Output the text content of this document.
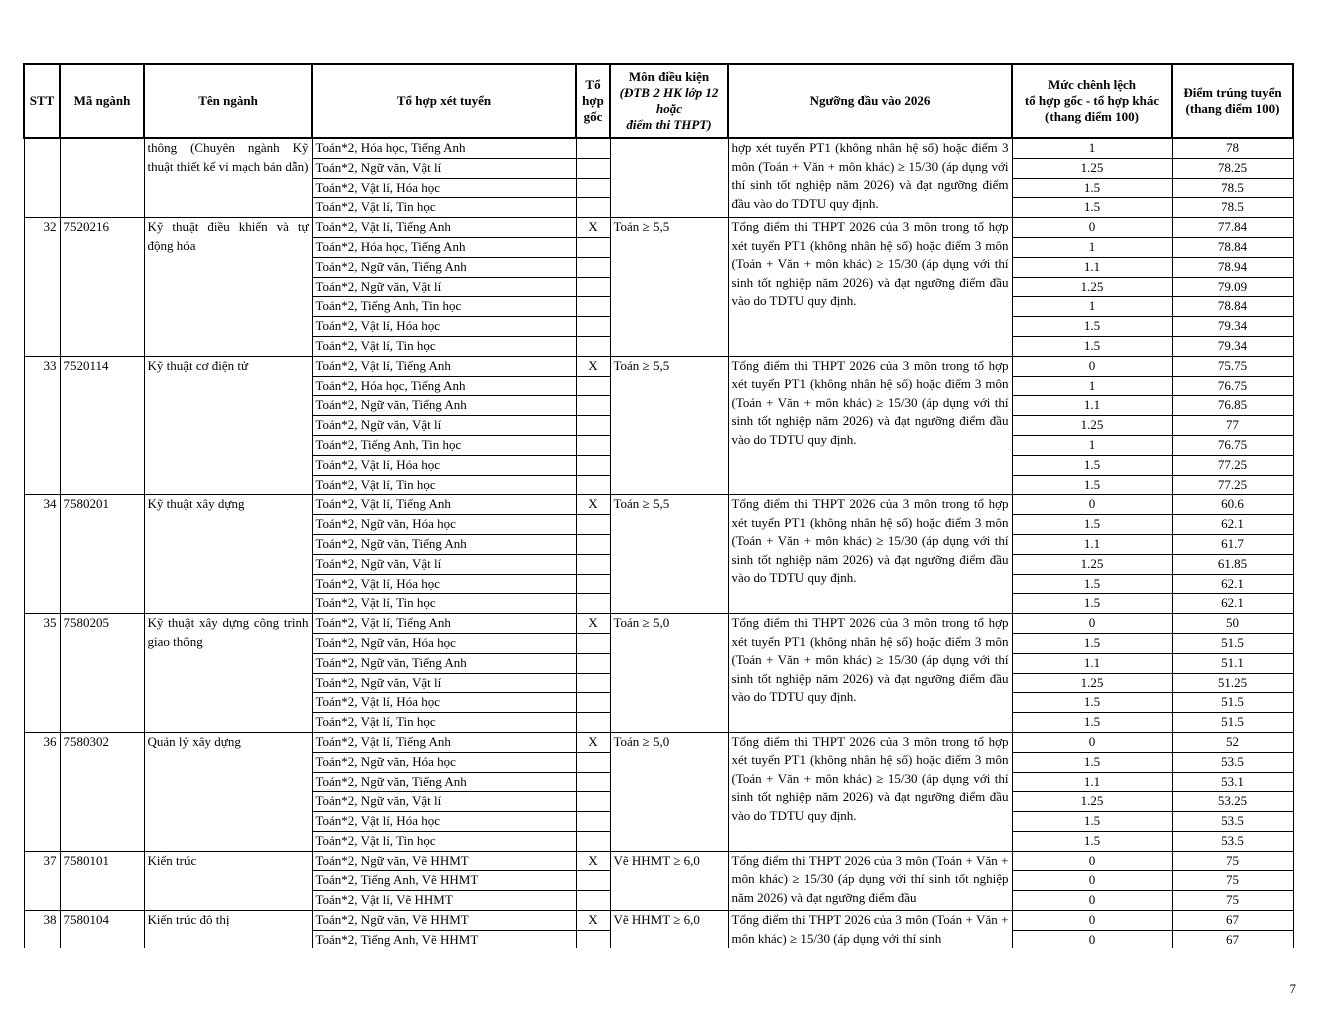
STT	Mã ngành	Tên ngành	Tổ hợp xét tuyển	Tổ
hợp
gốc	Môn điều kiện
(ĐTB 2 HK lớp 12
hoặc
điểm thi THPT)	Ngưỡng đầu vào 2026	Mức chênh lệch
tổ hợp gốc - tổ hợp khác
(thang điểm 100)	Điểm trúng tuyển
(thang điểm 100)
		thông (Chuyên ngành Kỹ thuật thiết kế vi mạch bán dẫn)	Toán*2, Hóa học, Tiếng Anh			hợp xét tuyển PT1 (không nhân hệ số) hoặc điểm 3 môn (Toán + Văn + môn khác) ≥ 15/30 (áp dụng với thí sinh tốt nghiệp năm 2026) và đạt ngưỡng điểm đầu vào do TDTU quy định.	1	78
			Toán*2, Ngữ văn, Vật lí				1.25	78.25
			Toán*2, Vật lí, Hóa học				1.5	78.5
			Toán*2, Vật lí, Tin học				1.5	78.5
32	7520216	Kỹ thuật điều khiển và tự động hóa	Toán*2, Vật lí, Tiếng Anh	X	Toán ≥ 5,5	Tổng điểm thi THPT 2026 của 3 môn trong tổ hợp xét tuyển PT1 (không nhân hệ số) hoặc điểm 3 môn (Toán + Văn + môn khác) ≥ 15/30 (áp dụng với thí sinh tốt nghiệp năm 2026) và đạt ngưỡng điểm đầu vào do TDTU quy định.	0	77.84
			Toán*2, Hóa học, Tiếng Anh				1	78.84
			Toán*2, Ngữ văn, Tiếng Anh				1.1	78.94
			Toán*2, Ngữ văn, Vật lí				1.25	79.09
			Toán*2, Tiếng Anh, Tin học				1	78.84
			Toán*2, Vật lí, Hóa học				1.5	79.34
			Toán*2, Vật lí, Tin học				1.5	79.34
33	7520114	Kỹ thuật cơ điện tử	Toán*2, Vật lí, Tiếng Anh	X	Toán ≥ 5,5	Tổng điểm thi THPT 2026 của 3 môn trong tổ hợp xét tuyển PT1 (không nhân hệ số) hoặc điểm 3 môn (Toán + Văn + môn khác) ≥ 15/30 (áp dụng với thí sinh tốt nghiệp năm 2026) và đạt ngưỡng điểm đầu vào do TDTU quy định.	0	75.75
			Toán*2, Hóa học, Tiếng Anh				1	76.75
			Toán*2, Ngữ văn, Tiếng Anh				1.1	76.85
			Toán*2, Ngữ văn, Vật lí				1.25	77
			Toán*2, Tiếng Anh, Tin học				1	76.75
			Toán*2, Vật lí, Hóa học				1.5	77.25
			Toán*2, Vật lí, Tin học				1.5	77.25
34	7580201	Kỹ thuật xây dựng	Toán*2, Vật lí, Tiếng Anh	X	Toán ≥ 5,5	Tổng điểm thi THPT 2026 của 3 môn trong tổ hợp xét tuyển PT1 (không nhân hệ số) hoặc điểm 3 môn (Toán + Văn + môn khác) ≥ 15/30 (áp dụng với thí sinh tốt nghiệp năm 2026) và đạt ngưỡng điểm đầu vào do TDTU quy định.	0	60.6
			Toán*2, Ngữ văn, Hóa học				1.5	62.1
			Toán*2, Ngữ văn, Tiếng Anh				1.1	61.7
			Toán*2, Ngữ văn, Vật lí				1.25	61.85
			Toán*2, Vật lí, Hóa học				1.5	62.1
			Toán*2, Vật lí, Tin học				1.5	62.1
35	7580205	Kỹ thuật xây dựng công trình giao thông	Toán*2, Vật lí, Tiếng Anh	X	Toán ≥ 5,0	Tổng điểm thi THPT 2026 của 3 môn trong tổ hợp xét tuyển PT1 (không nhân hệ số) hoặc điểm 3 môn (Toán + Văn + môn khác) ≥ 15/30 (áp dụng với thí sinh tốt nghiệp năm 2026) và đạt ngưỡng điểm đầu vào do TDTU quy định.	0	50
			Toán*2, Ngữ văn, Hóa học				1.5	51.5
			Toán*2, Ngữ văn, Tiếng Anh				1.1	51.1
			Toán*2, Ngữ văn, Vật lí				1.25	51.25
			Toán*2, Vật lí, Hóa học				1.5	51.5
			Toán*2, Vật lí, Tin học				1.5	51.5
36	7580302	Quản lý xây dựng	Toán*2, Vật lí, Tiếng Anh	X	Toán ≥ 5,0	Tổng điểm thi THPT 2026 của 3 môn trong tổ hợp xét tuyển PT1 (không nhân hệ số) hoặc điểm 3 môn (Toán + Văn + môn khác) ≥ 15/30 (áp dụng với thí sinh tốt nghiệp năm 2026) và đạt ngưỡng điểm đầu vào do TDTU quy định.	0	52
			Toán*2, Ngữ văn, Hóa học				1.5	53.5
			Toán*2, Ngữ văn, Tiếng Anh				1.1	53.1
			Toán*2, Ngữ văn, Vật lí				1.25	53.25
			Toán*2, Vật lí, Hóa học				1.5	53.5
			Toán*2, Vật lí, Tin học				1.5	53.5
37	7580101	Kiến trúc	Toán*2, Ngữ văn, Vẽ HHMT	X	Vẽ HHMT ≥ 6,0	Tổng điểm thi THPT 2026 của 3 môn (Toán + Văn + môn khác) ≥ 15/30 (áp dụng với thí sinh tốt nghiệp năm 2026) và đạt ngưỡng điểm đầu	0	75
			Toán*2, Tiếng Anh, Vẽ HHMT				0	75
			Toán*2, Vật lí, Vẽ HHMT				0	75
38	7580104	Kiến trúc đô thị	Toán*2, Ngữ văn, Vẽ HHMT	X	Vẽ HHMT ≥ 6,0	Tổng điểm thi THPT 2026 của 3 môn (Toán + Văn + môn khác) ≥ 15/30 (áp dụng với thí sinh	0	67
			Toán*2, Tiếng Anh, Vẽ HHMT				0	67
7
